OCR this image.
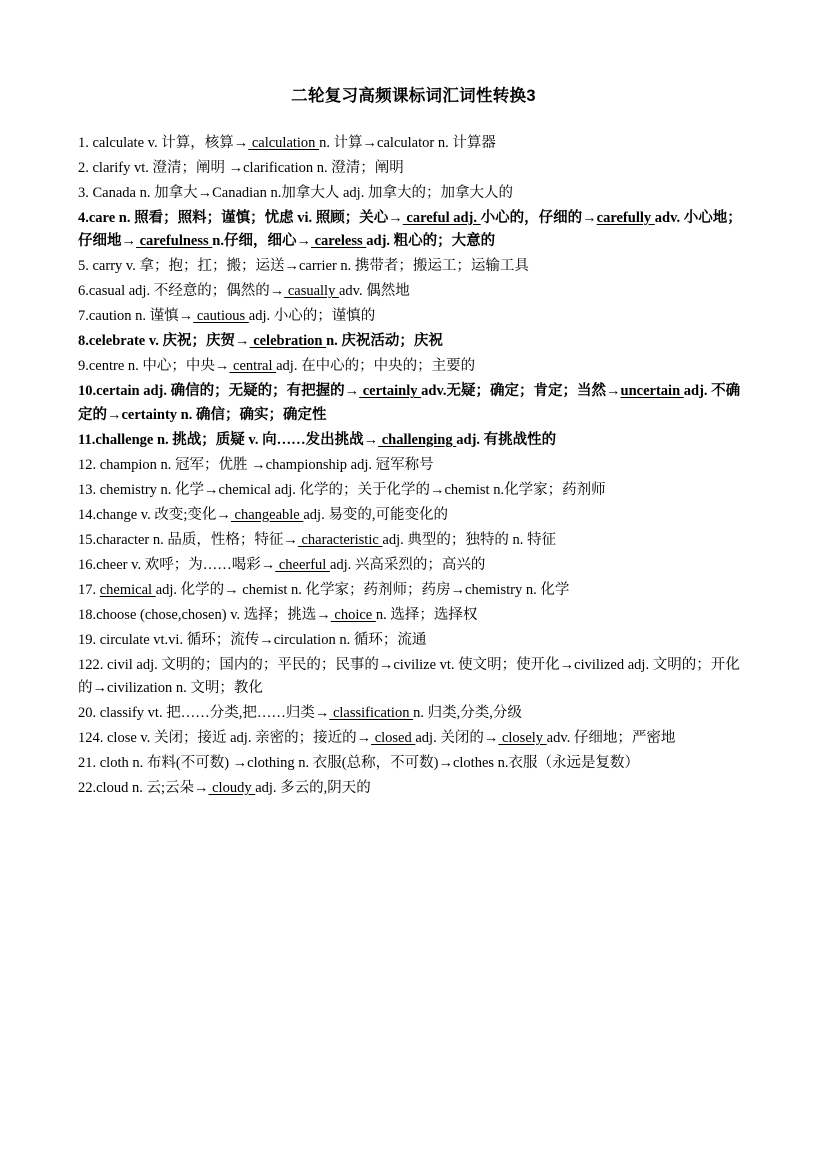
二轮复习高频课标词汇词性转换3
1. calculate v. 计算，核算→ calculation n. 计算→calculator n. 计算器
2. clarify vt. 澄清；阐明 →clarification n. 澄清；阐明
3. Canada n. 加拿大→Canadian n.加拿大人 adj. 加拿大的；加拿大人的
4.care n. 照看；照料；谨慎；忧虑 vi. 照顾；关心→ careful adj. 小心的，仔细的→carefully adv. 小心地；仔细地→ carefulness n.仔细，细心→ careless adj. 粗心的；大意的
5. carry v. 拿；抱；扛；搬；运送→carrier n. 携带者；搬运工；运输工具
6.casual adj. 不经意的；偶然的→ casually adv. 偶然地
7.caution n. 谨慎→ cautious adj. 小心的；谨慎的
8.celebrate v. 庆祝；庆贺→ celebration n. 庆祝活动；庆祝
9.centre n. 中心；中央→ central adj. 在中心的；中央的；主要的
10.certain adj. 确信的；无疑的；有把握的→ certainly adv.无疑；确定；肯定；当然→uncertain adj. 不确定的→certainty n. 确信；确实；确定性
11.challenge n. 挑战；质疑 v. 向……发出挑战→ challenging adj. 有挑战性的
12. champion n. 冠军；优胜 →championship adj. 冠军称号
13. chemistry n. 化学→chemical adj. 化学的；关于化学的→chemist n.化学家；药剂师
14.change v. 改变;变化→ changeable adj. 易变的,可能变化的
15.character n. 品质，性格；特征→ characteristic adj. 典型的；独特的 n. 特征
16.cheer v. 欢呼；为……喝彩→ cheerful adj. 兴高采烈的；高兴的
17. chemical adj. 化学的→ chemist n. 化学家；药剂师；药房→chemistry n. 化学
18.choose (chose,chosen) v. 选择；挑选→ choice n. 选择；选择权
19. circulate vt.vi. 循环；流传→circulation n. 循环；流通
122. civil adj. 文明的；国内的；平民的；民事的→civilize vt. 使文明；使开化→civilized adj. 文明的；开化的→civilization n. 文明；教化
20. classify vt. 把……分类,把……归类→ classification n. 归类,分类,分级
124. close v. 关闭；接近 adj. 亲密的；接近的→ closed adj. 关闭的→ closely adv. 仔细地；严密地
21. cloth n. 布料(不可数) →clothing n. 衣服(总称，不可数)→clothes n.衣服（永远是复数）
22.cloud n. 云;云朵→ cloudy adj. 多云的,阴天的
